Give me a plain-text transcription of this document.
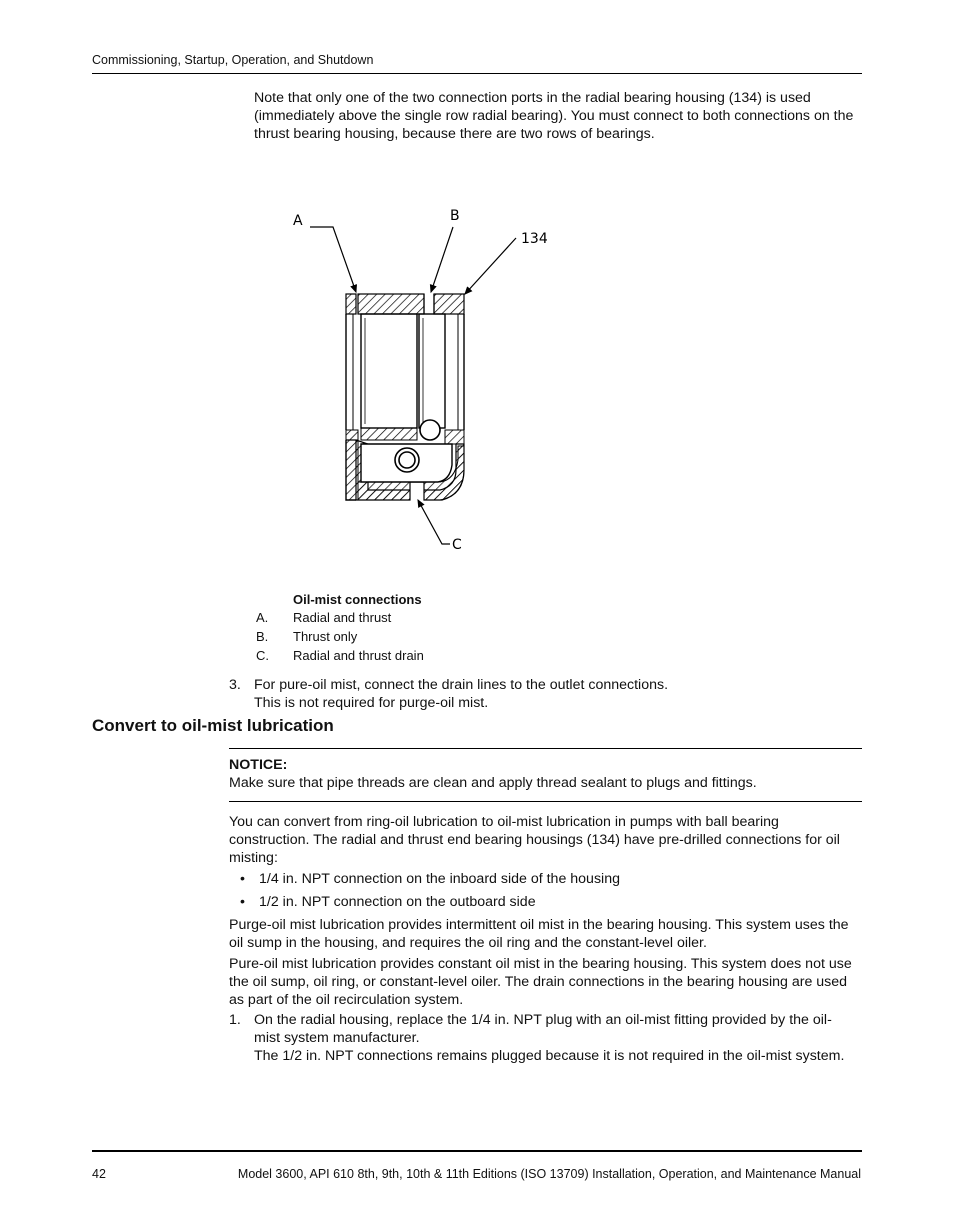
Commissioning, Startup, Operation, and Shutdown
Note that only one of the two connection ports in the radial bearing housing (134) is used (immediately above the single row radial bearing). You must connect to both connections on the thrust bearing housing, because there are two rows of bearings.
A	B
134
C
Oil-mist connections
A. Radial and thrust
B. Thrust only
C. Radial and thrust drain
3. For pure-oil mist, connect the drain lines to the outlet connections.
This is not required for purge-oil mist.
Convert to oil-mist lubrication
NOTICE:
Make sure that pipe threads are clean and apply thread sealant to plugs and fittings.
You can convert from ring-oil lubrication to oil-mist lubrication in pumps with ball bearing construction. The radial and thrust end bearing housings (134) have pre-drilled connections for oil misting:
• 1/4 in. NPT connection on the inboard side of the housing
• 1/2 in. NPT connection on the outboard side
Purge-oil mist lubrication provides intermittent oil mist in the bearing housing. This system uses the oil sump in the housing, and requires the oil ring and the constant-level oiler.
Pure-oil mist lubrication provides constant oil mist in the bearing housing. This system does not use the oil sump, oil ring, or constant-level oiler. The drain connections in the bearing housing are used as part of the oil recirculation system.
1. On the radial housing, replace the 1/4 in. NPT plug with an oil-mist fitting provided by the oil-mist system manufacturer.
The 1/2 in. NPT connections remains plugged because it is not required in the oil-mist system.
42	Model 3600, API 610 8th, 9th, 10th & 11th Editions (ISO 13709) Installation, Operation, and Maintenance Manual
